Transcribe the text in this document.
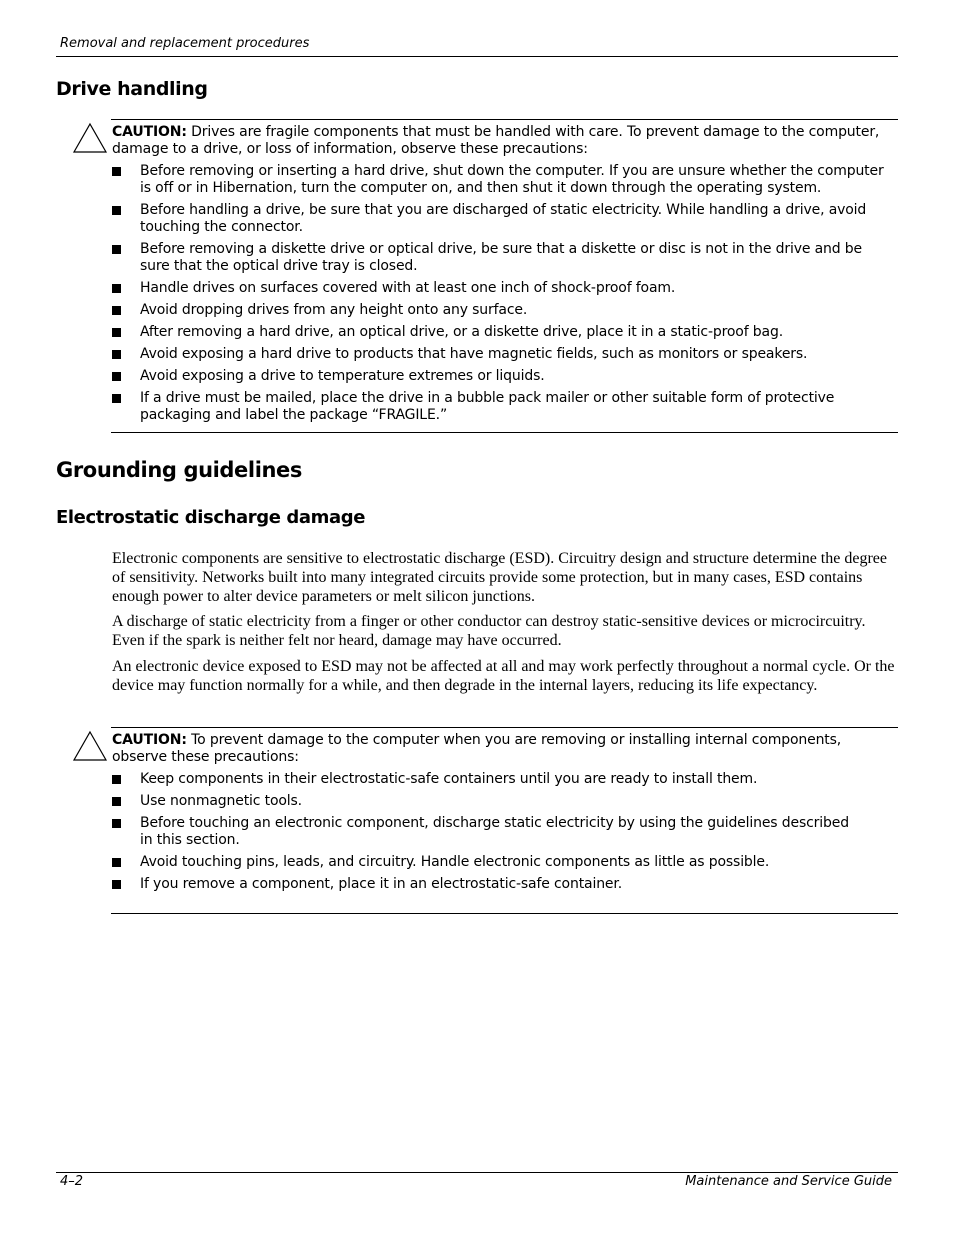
Removal and replacement procedures
Drive handling
CAUTION: Drives are fragile components that must be handled with care. To prevent damage to the computer, damage to a drive, or loss of information, observe these precautions:
Before removing or inserting a hard drive, shut down the computer. If you are unsure whether the computer is off or in Hibernation, turn the computer on, and then shut it down through the operating system.
Before handling a drive, be sure that you are discharged of static electricity. While handling a drive, avoid touching the connector.
Before removing a diskette drive or optical drive, be sure that a diskette or disc is not in the drive and be sure that the optical drive tray is closed.
Handle drives on surfaces covered with at least one inch of shock-proof foam.
Avoid dropping drives from any height onto any surface.
After removing a hard drive, an optical drive, or a diskette drive, place it in a static-proof bag.
Avoid exposing a hard drive to products that have magnetic fields, such as monitors or speakers.
Avoid exposing a drive to temperature extremes or liquids.
If a drive must be mailed, place the drive in a bubble pack mailer or other suitable form of protective packaging and label the package “FRAGILE.”
Grounding guidelines
Electrostatic discharge damage

Electronic components are sensitive to electrostatic discharge (ESD). Circuitry design and structure determine the degree of sensitivity. Networks built into many integrated circuits provide some protection, but in many cases, ESD contains enough power to alter device parameters or melt silicon junctions.

A discharge of static electricity from a finger or other conductor can destroy static-sensitive devices or microcircuitry. Even if the spark is neither felt nor heard, damage may have occurred.

An electronic device exposed to ESD may not be affected at all and may work perfectly throughout a normal cycle. Or the device may function normally for a while, and then degrade in the internal layers, reducing its life expectancy.

CAUTION: To prevent damage to the computer when you are removing or installing internal components, observe these precautions:
Keep components in their electrostatic-safe containers until you are ready to install them.
Use nonmagnetic tools.
Before touching an electronic component, discharge static electricity by using the guidelines described in this section.
Avoid touching pins, leads, and circuitry. Handle electronic components as little as possible.
If you remove a component, place it in an electrostatic-safe container.
4–2	Maintenance and Service Guide
